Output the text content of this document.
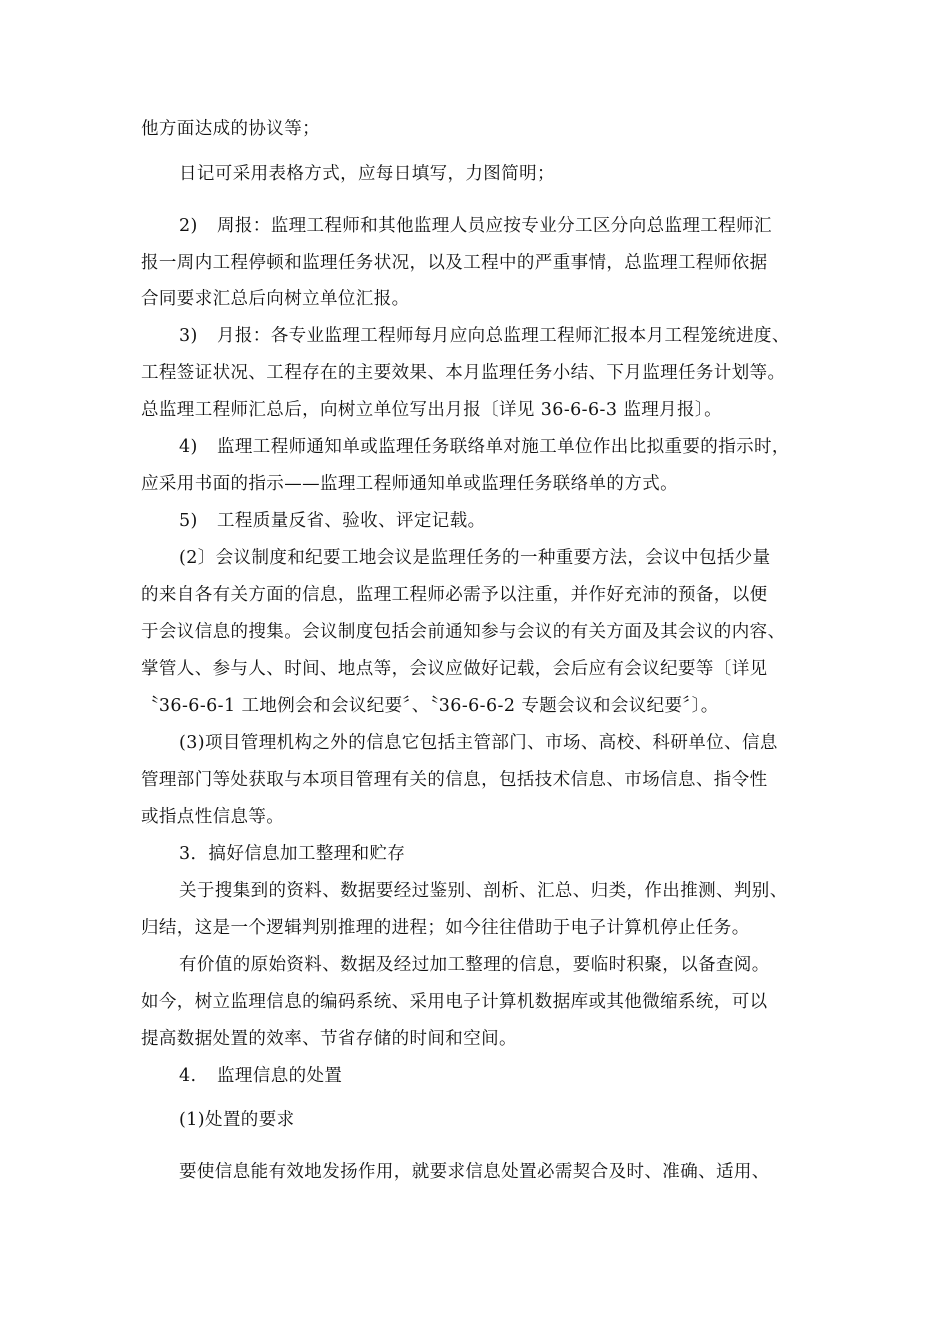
他方面达成的协议等；
日记可采用表格方式，应每日填写，力图简明；
2) 周报：监理工程师和其他监理人员应按专业分工区分向总监理工程师汇
报一周内工程停顿和监理任务状况，以及工程中的严重事情，总监理工程师依据
合同要求汇总后向树立单位汇报。
3) 月报：各专业监理工程师每月应向总监理工程师汇报本月工程笼统进度、
工程签证状况、工程存在的主要效果、本月监理任务小结、下月监理任务计划等。
总监理工程师汇总后，向树立单位写出月报〔详见 36-6-6-3 监理月报〕。
4) 监理工程师通知单或监理任务联络单对施工单位作出比拟重要的指示时，
应采用书面的指示——监理工程师通知单或监理任务联络单的方式。
5) 工程质量反省、验收、评定记载。
(2〕会议制度和纪要工地会议是监理任务的一种重要方法，会议中包括少量
的来自各有关方面的信息，监理工程师必需予以注重，并作好充沛的预备，以便
于会议信息的搜集。会议制度包括会前通知参与会议的有关方面及其会议的内容、
掌管人、参与人、时间、地点等，会议应做好记载，会后应有会议纪要等〔详见
〝36-6-6-1 工地例会和会议纪要〞、〝36-6-6-2 专题会议和会议纪要〞〕。
(3)项目管理机构之外的信息它包括主管部门、市场、高校、科研单位、信息
管理部门等处获取与本项目管理有关的信息，包括技术信息、市场信息、指令性
或指点性信息等。
3．搞好信息加工整理和贮存
关于搜集到的资料、数据要经过鉴别、剖析、汇总、归类，作出推测、判别、
归结，这是一个逻辑判别推理的进程；如今往往借助于电子计算机停止任务。
有价值的原始资料、数据及经过加工整理的信息，要临时积聚，以备查阅。
如今，树立监理信息的编码系统、采用电子计算机数据库或其他微缩系统，可以
提高数据处置的效率、节省存储的时间和空间。
4. 监理信息的处置
(1)处置的要求
要使信息能有效地发扬作用，就要求信息处置必需契合及时、准确、适用、
